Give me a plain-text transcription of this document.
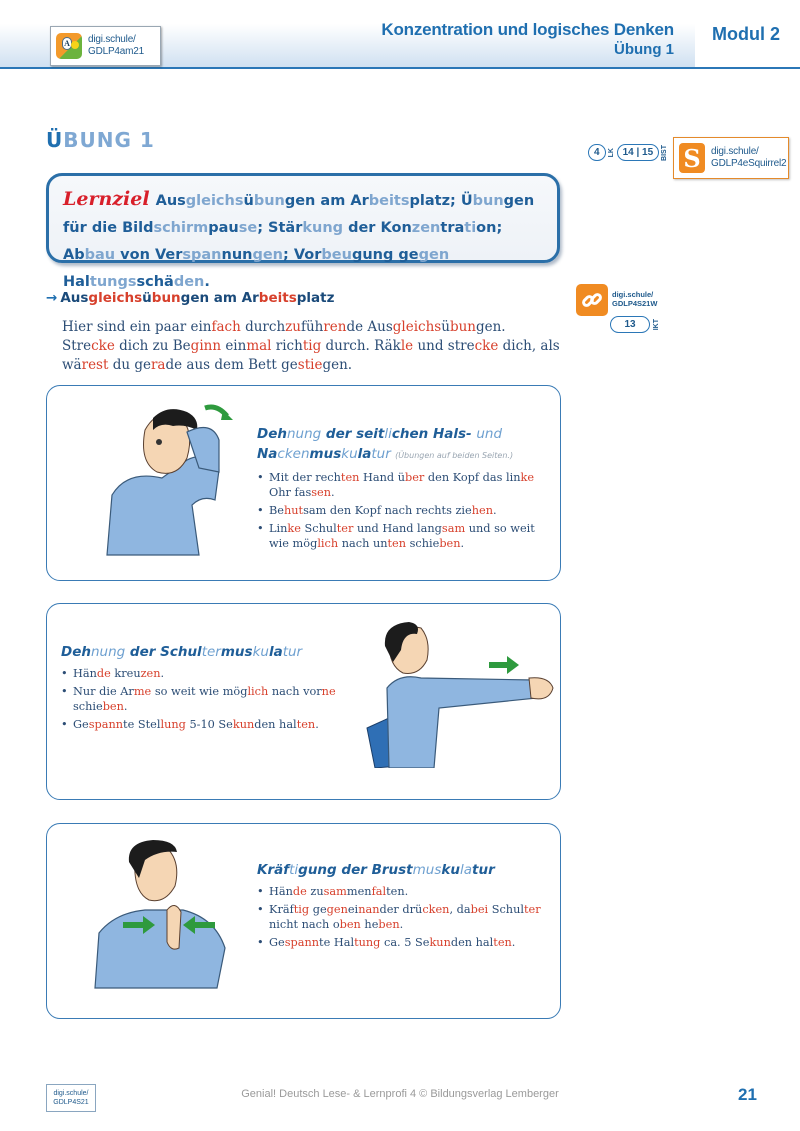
A digi.schule/
GDLP4am21
Konzentration und logisches Denken
Übung 1
Modul 2
ÜBUNG 1
4	LK 14 | 15	BIST S	digi.schule/
GDLP4eSquirrel2

Lernziel Ausgleichsübungen am Arbeitsplatz; Übungen für die Bildschirmpause; Stärkung der Konzentration; Abbau von Verspannungen; Vorbeugung gegen Haltungsschäden.

→ Ausgleichsübungen am Arbeitsplatz
Hier sind ein paar einfach durchzuführende Ausgleichsübungen. Strecke dich zu Beginn einmal richtig durch. Räkle und strecke dich, als wärest du gerade aus dem Bett gestiegen.
digi.schule/
GDLP4S21W
13	IKT
Dehnung der seitlichen Hals- und
Nackenmuskulatur (Übungen auf beiden Seiten.)
• Mit der rechten Hand über den Kopf das linke Ohr fassen.
• Behutsam den Kopf nach rechts ziehen.
• Linke Schulter und Hand langsam und so weit wie möglich nach unten schieben.
Dehnung der Schultermuskulatur
• Hände kreuzen.
• Nur die Arme so weit wie möglich nach vorne schieben.
• Gespannte Stellung 5-10 Sekunden halten.
Kräftigung der Brustmuskulatur
• Hände zusammenfalten.
• Kräftig gegeneinander drücken, dabei Schulter nicht nach oben heben.
• Gespannte Haltung ca. 5 Sekunden halten.
digi.schule/
GDLP4S21
Genial! Deutsch Lese- & Lernprofi 4 © Bildungsverlag Lemberger	21
